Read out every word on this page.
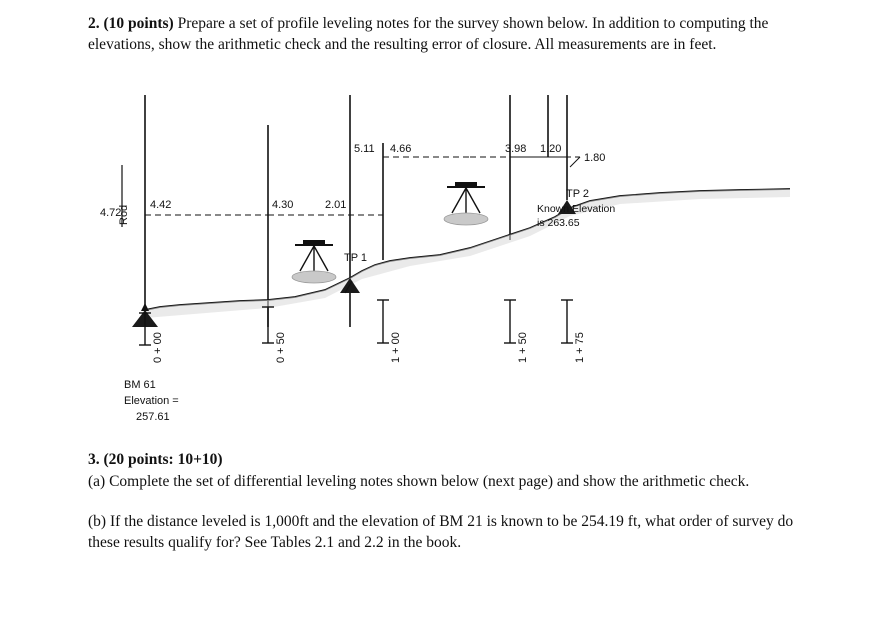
2. (10 points) Prepare a set of profile leveling notes for the survey shown below. In addition to computing the elevations, show the arithmetic check and the resulting error of closure. All measurements are in feet.
Rod
4.72
4.42
5.11 4.66
4.30	2.01
3.98 1.20
1.80
TP 1
TP 2
Known Elevation
is 263.65
0 + 00	0 + 50	1 + 00	1 + 50	1 + 75
BM 61
Elevation =
257.61
3. (20 points: 10+10)
(a) Complete the set of differential leveling notes shown below (next page) and show the arithmetic check.
(b) If the distance leveled is 1,000ft and the elevation of BM 21 is known to be 254.19 ft, what order of survey do these results qualify for? See Tables 2.1 and 2.2 in the book.
